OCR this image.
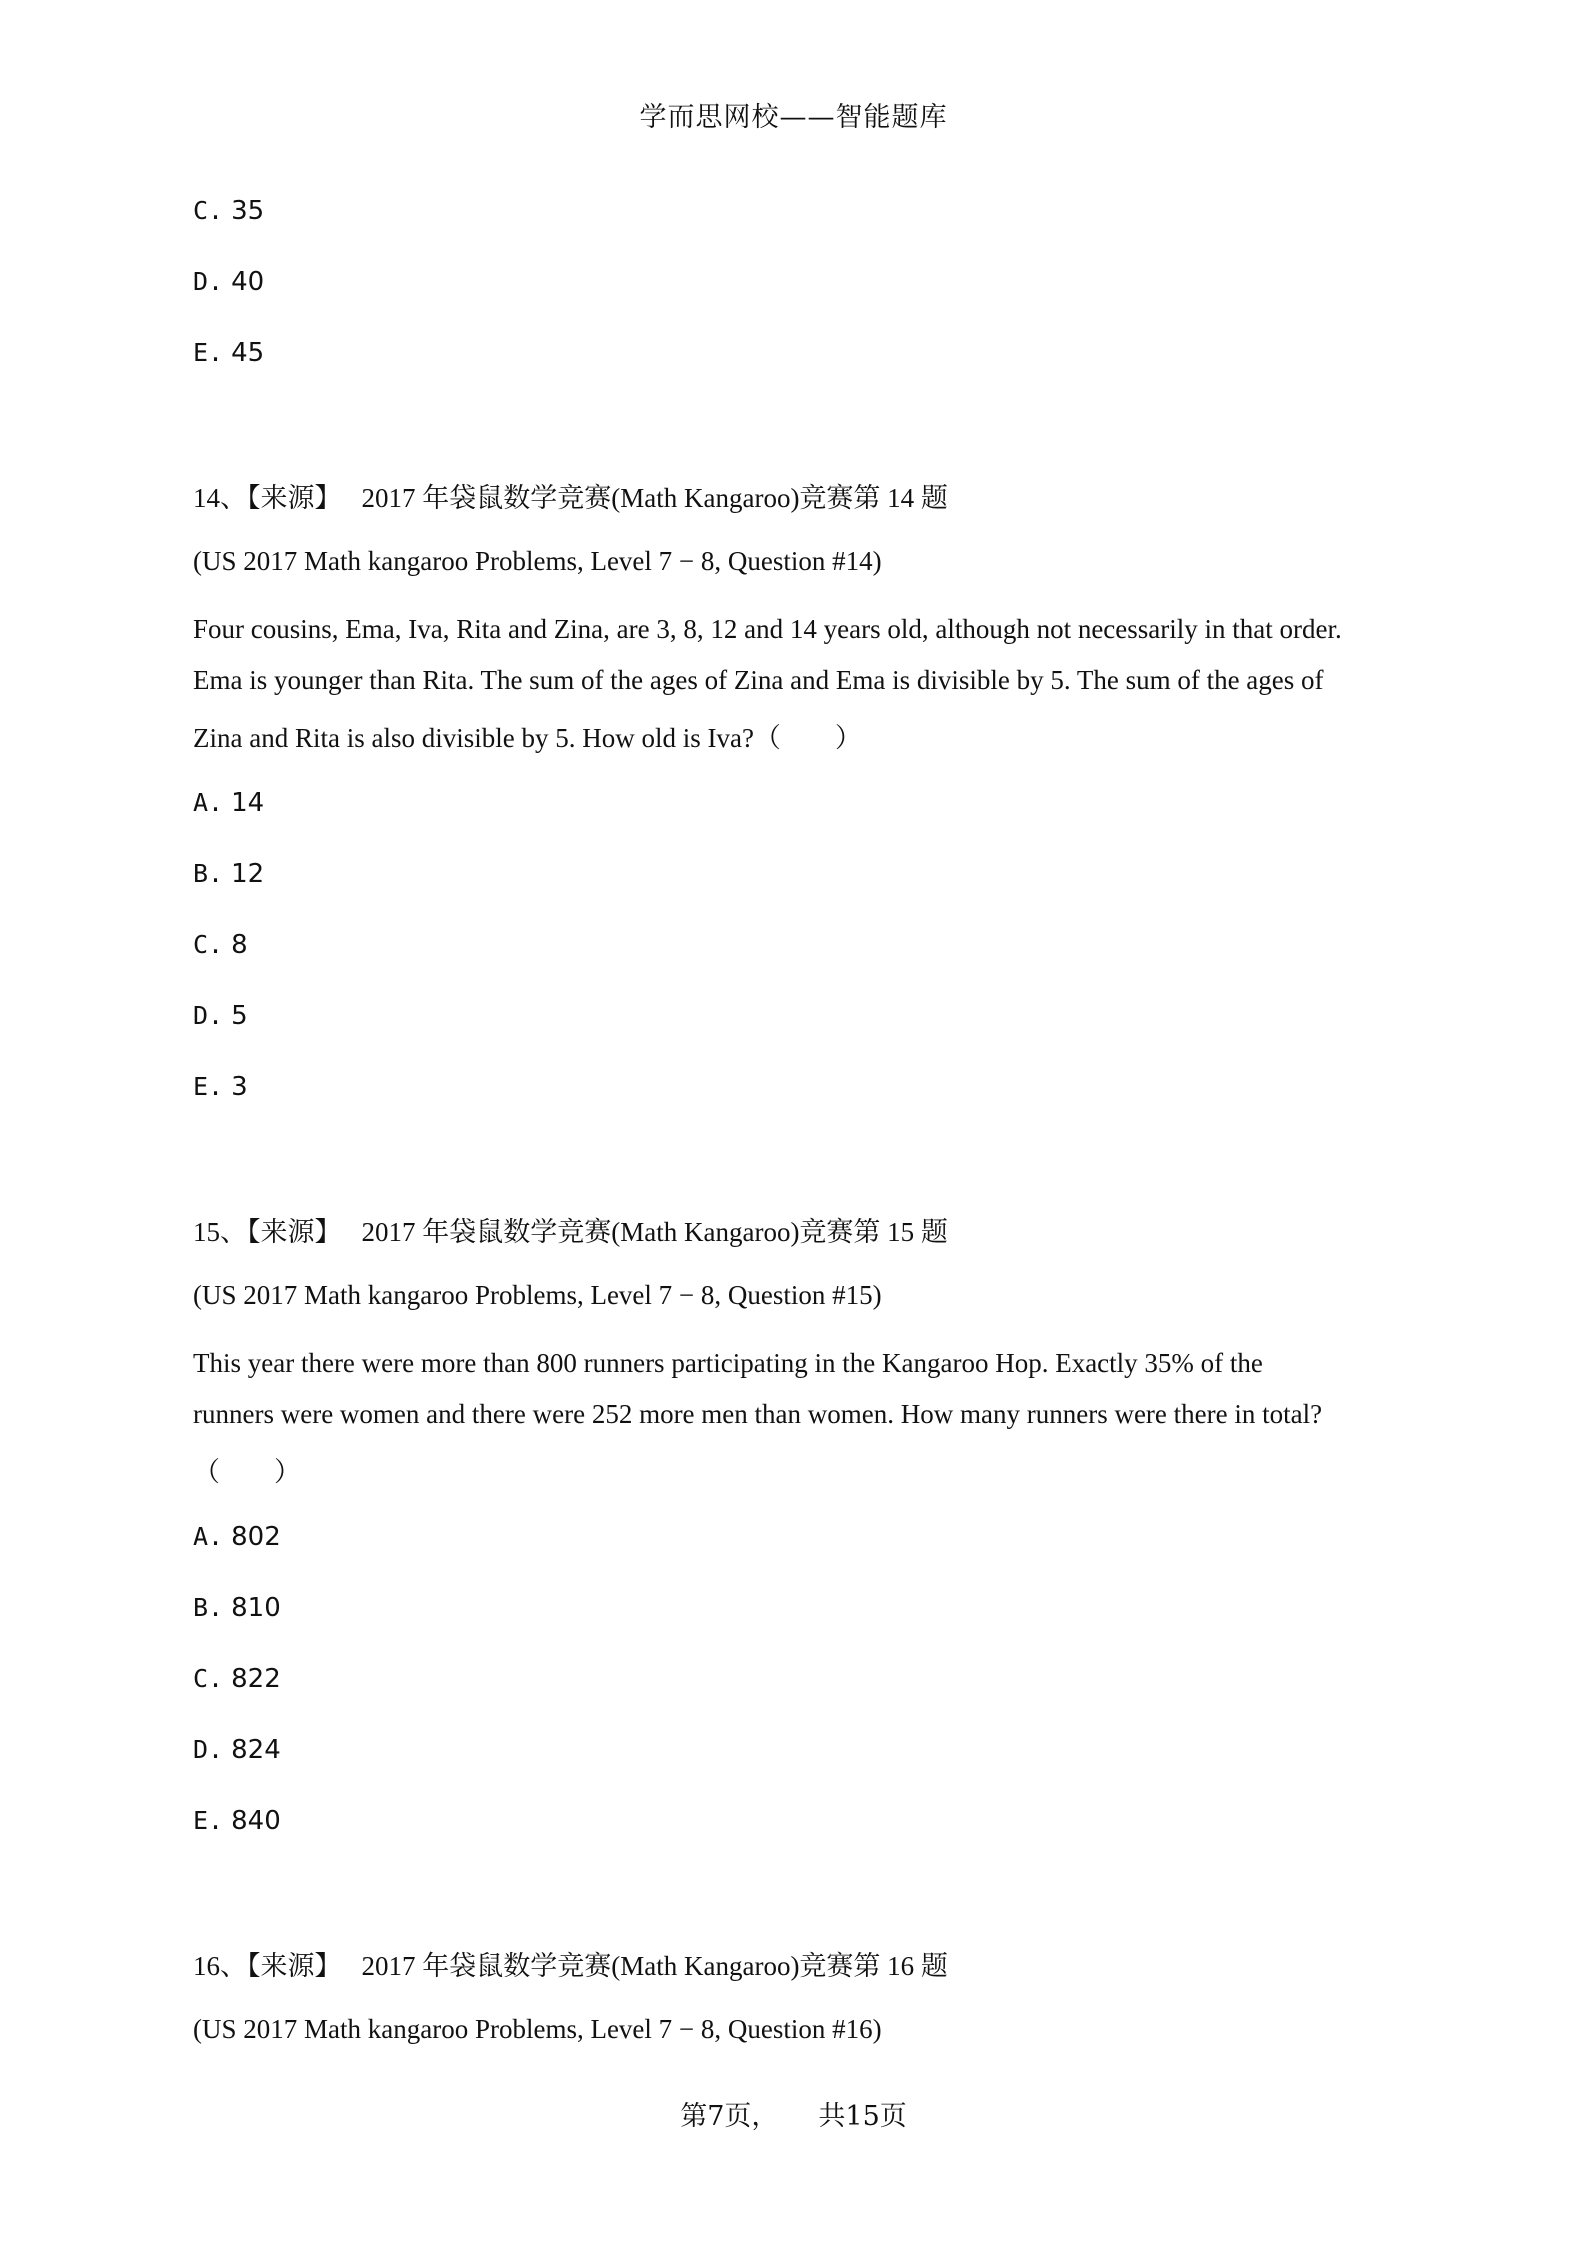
学而思网校——智能题库
C. 35
D. 40
E. 45
14、【来源】 2017 年袋鼠数学竞赛(Math Kangaroo)竞赛第 14 题
(US 2017 Math kangaroo Problems, Level 7 − 8, Question #14)
Four cousins, Ema, Iva, Rita and Zina, are 3, 8, 12 and 14 years old, although not necessarily in that order.
Ema is younger than Rita. The sum of the ages of Zina and Ema is divisible by 5. The sum of the ages of
Zina and Rita is also divisible by 5. How old is Iva?（　　）
A. 14
B. 12
C. 8
D. 5
E. 3
15、【来源】 2017 年袋鼠数学竞赛(Math Kangaroo)竞赛第 15 题
(US 2017 Math kangaroo Problems, Level 7 − 8, Question #15)
This year there were more than 800 runners participating in the Kangaroo Hop. Exactly 35% of the
runners were women and there were 252 more men than women. How many runners were there in total?
（　　）
A. 802
B. 810
C. 822
D. 824
E. 840
16、【来源】 2017 年袋鼠数学竞赛(Math Kangaroo)竞赛第 16 题
(US 2017 Math kangaroo Problems, Level 7 − 8, Question #16)
第7页， 共15页
